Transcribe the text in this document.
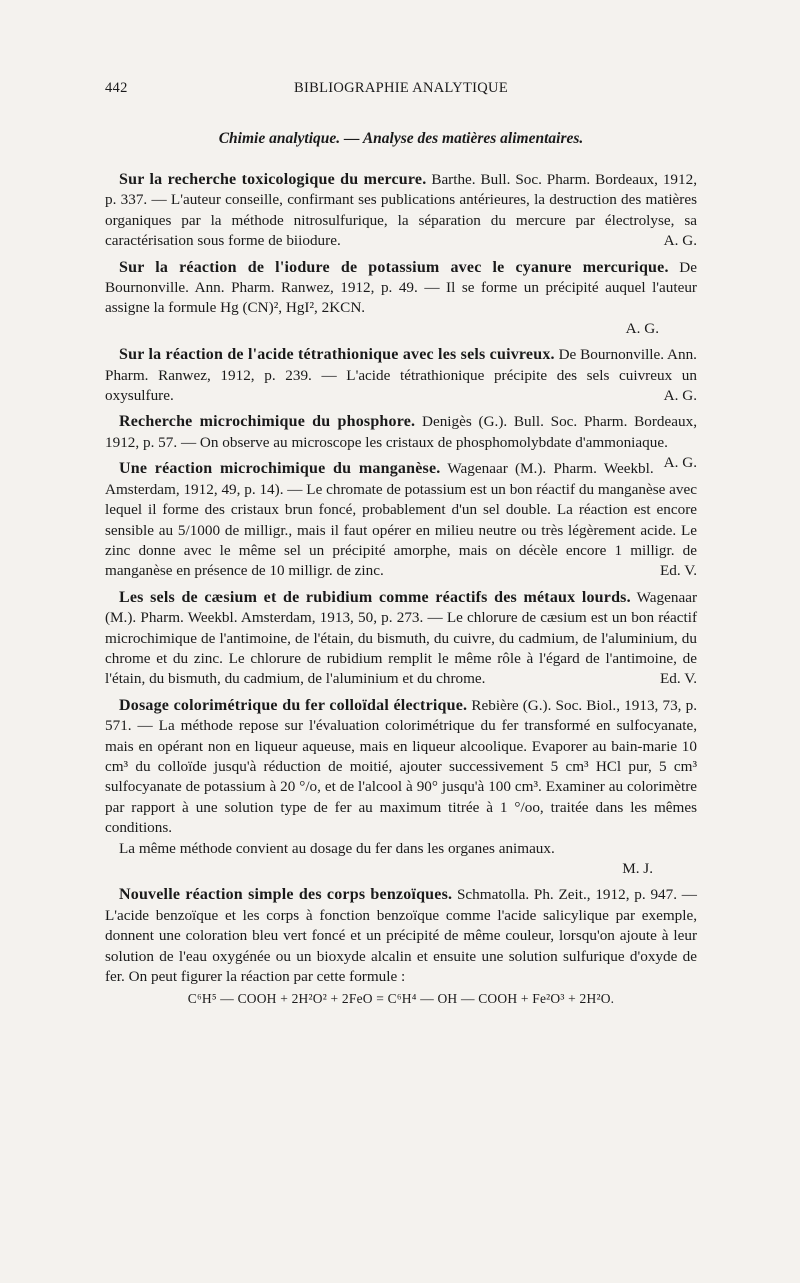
442	BIBLIOGRAPHIE ANALYTIQUE
Chimie analytique. — Analyse des matières alimentaires.

Sur la recherche toxicologique du mercure. Barthe. Bull. Soc. Pharm. Bordeaux, 1912, p. 337. — L'auteur conseille, confirmant ses publications antérieures, la destruction des matières organiques par la méthode nitrosulfurique, la séparation du mercure par électrolyse, sa caractérisation sous forme de biiodure.	A. G.

Sur la réaction de l'iodure de potassium avec le cyanure mercurique. De Bournonville. Ann. Pharm. Ranwez, 1912, p. 49. — Il se forme un précipité auquel l'auteur assigne la formule Hg (CN)², HgI², 2KCN.

A. G.

Sur la réaction de l'acide tétrathionique avec les sels cuivreux. De Bournonville. Ann. Pharm. Ranwez, 1912, p. 239. — L'acide tétrathionique précipite des sels cuivreux un oxysulfure.	A. G.

Recherche microchimique du phosphore. Denigès (G.). Bull. Soc. Pharm. Bordeaux, 1912, p. 57. — On observe au microscope les cristaux de phosphomolybdate d'ammoniaque.
A. G.

Une réaction microchimique du manganèse. Wagenaar (M.). Pharm. Weekbl. Amsterdam, 1912, 49, p. 14). — Le chromate de potassium est un bon réactif du manganèse avec lequel il forme des cristaux brun foncé, probablement d'un sel double. La réaction est encore sensible au 5/1000 de milligr., mais il faut opérer en milieu neutre ou très légèrement acide. Le zinc donne avec le même sel un précipité amorphe, mais on décèle encore 1 milligr. de manganèse en présence de 10 milligr. de zinc.	Ed. V.

Les sels de cæsium et de rubidium comme réactifs des métaux lourds. Wagenaar (M.). Pharm. Weekbl. Amsterdam, 1913, 50, p. 273. — Le chlorure de cæsium est un bon réactif microchimique de l'antimoine, de l'étain, du bismuth, du cuivre, du cadmium, de l'aluminium, du chrome et du zinc. Le chlorure de rubidium remplit le même rôle à l'égard de l'antimoine, de l'étain, du bismuth, du cadmium, de l'aluminium et du chrome.	Ed. V.

Dosage colorimétrique du fer colloïdal électrique. Rebière (G.). Soc. Biol., 1913, 73, p. 571. — La méthode repose sur l'évaluation colorimétrique du fer transformé en sulfocyanate, mais en opérant non en liqueur aqueuse, mais en liqueur alcoolique. Evaporer au bain-marie 10 cm³ du colloïde jusqu'à réduction de moitié, ajouter successivement 5 cm³ HCl pur, 5 cm³ sulfocyanate de potassium à 20 °/o, et de l'alcool à 90° jusqu'à 100 cm³. Examiner au colorimètre par rapport à une solution type de fer au maximum titrée à 1 °/oo, traitée dans les mêmes conditions.

La même méthode convient au dosage du fer dans les organes animaux.

M. J.

Nouvelle réaction simple des corps benzoïques. Schmatolla. Ph. Zeit., 1912, p. 947. — L'acide benzoïque et les corps à fonction benzoïque comme l'acide salicylique par exemple, donnent une coloration bleu vert foncé et un précipité de même couleur, lorsqu'on ajoute à leur solution de l'eau oxygénée ou un bioxyde alcalin et ensuite une solution sulfurique d'oxyde de fer. On peut figurer la réaction par cette formule :

C⁶H⁵ — COOH + 2H²O² + 2FeO = C⁶H⁴ — OH — COOH + Fe²O³ + 2H²O.
